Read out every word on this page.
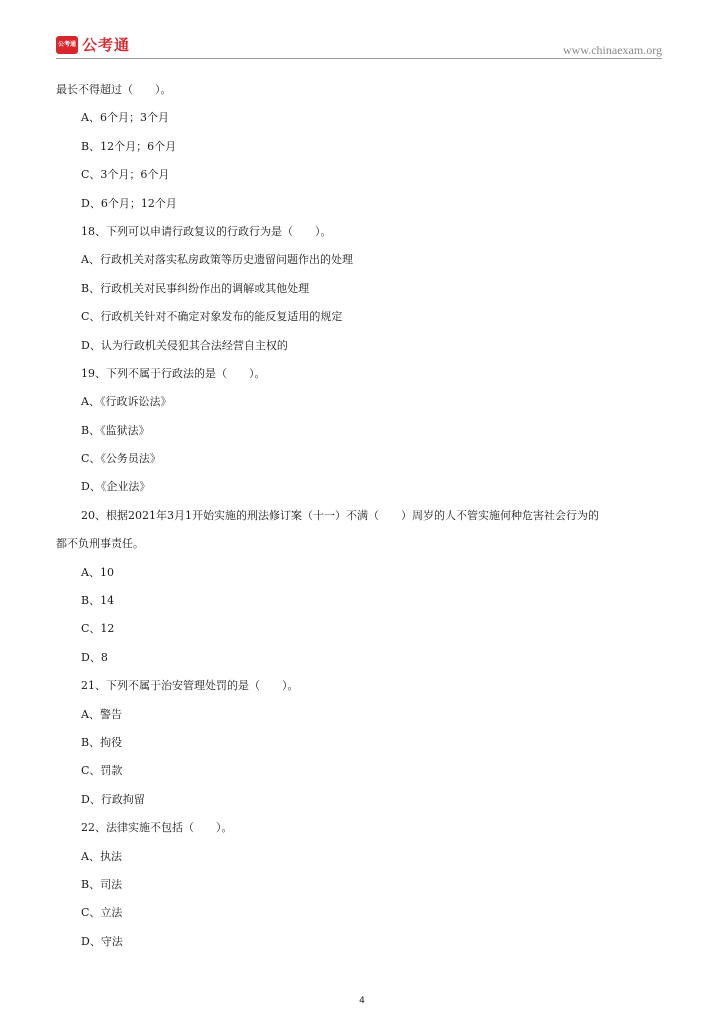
公考通 公考通	www.chinaexam.org
最长不得超过（　　）。
A、6个月；3个月
B、12个月；6个月
C、3个月；6个月
D、6个月；12个月
18、下列可以申请行政复议的行政行为是（　　）。
A、行政机关对落实私房政策等历史遗留问题作出的处理
B、行政机关对民事纠纷作出的调解或其他处理
C、行政机关针对不确定对象发布的能反复适用的规定
D、认为行政机关侵犯其合法经营自主权的
19、下列不属于行政法的是（　　）。
A、《行政诉讼法》
B、《监狱法》
C、《公务员法》
D、《企业法》
20、根据2021年3月1开始实施的刑法修订案（十一）不满（　　）周岁的人不管实施何种危害社会行为的
都不负刑事责任。
A、10
B、14
C、12
D、8
21、下列不属于治安管理处罚的是（　　）。
A、警告
B、拘役
C、罚款
D、行政拘留
22、法律实施不包括（　　）。
A、执法
B、司法
C、立法
D、守法
4
